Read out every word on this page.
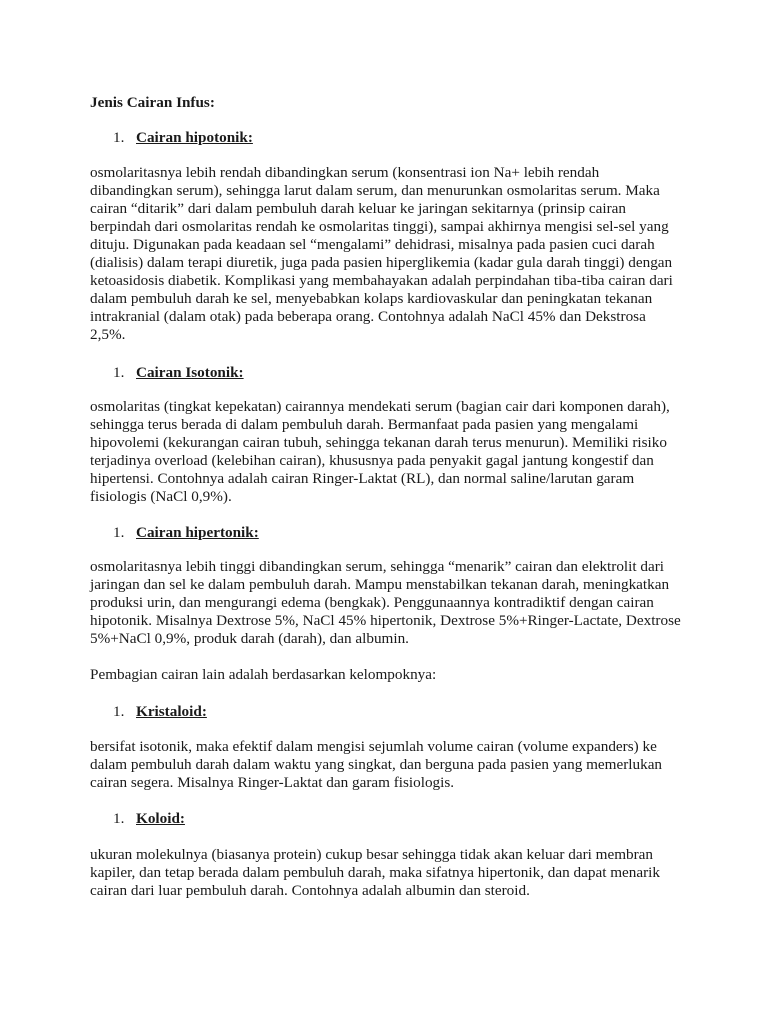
Jenis Cairan Infus:

1. Cairan hipotonik:

osmolaritasnya lebih rendah dibandingkan serum (konsentrasi ion Na+ lebih rendah
dibandingkan serum), sehingga larut dalam serum, dan menurunkan osmolaritas serum. Maka
cairan “ditarik” dari dalam pembuluh darah keluar ke jaringan sekitarnya (prinsip cairan
berpindah dari osmolaritas rendah ke osmolaritas tinggi), sampai akhirnya mengisi sel-sel yang
dituju. Digunakan pada keadaan sel “mengalami” dehidrasi, misalnya pada pasien cuci darah
(dialisis) dalam terapi diuretik, juga pada pasien hiperglikemia (kadar gula darah tinggi) dengan
ketoasidosis diabetik. Komplikasi yang membahayakan adalah perpindahan tiba-tiba cairan dari
dalam pembuluh darah ke sel, menyebabkan kolaps kardiovaskular dan peningkatan tekanan
intrakranial (dalam otak) pada beberapa orang. Contohnya adalah NaCl 45% dan Dekstrosa
2,5%.

1. Cairan Isotonik:

osmolaritas (tingkat kepekatan) cairannya mendekati serum (bagian cair dari komponen darah),
sehingga terus berada di dalam pembuluh darah. Bermanfaat pada pasien yang mengalami
hipovolemi (kekurangan cairan tubuh, sehingga tekanan darah terus menurun). Memiliki risiko
terjadinya overload (kelebihan cairan), khususnya pada penyakit gagal jantung kongestif dan
hipertensi. Contohnya adalah cairan Ringer-Laktat (RL), dan normal saline/larutan garam
fisiologis (NaCl 0,9%).

1. Cairan hipertonik:

osmolaritasnya lebih tinggi dibandingkan serum, sehingga “menarik” cairan dan elektrolit dari
jaringan dan sel ke dalam pembuluh darah. Mampu menstabilkan tekanan darah, meningkatkan
produksi urin, dan mengurangi edema (bengkak). Penggunaannya kontradiktif dengan cairan
hipotonik. Misalnya Dextrose 5%, NaCl 45% hipertonik, Dextrose 5%+Ringer-Lactate, Dextrose
5%+NaCl 0,9%, produk darah (darah), dan albumin.

Pembagian cairan lain adalah berdasarkan kelompoknya:

1. Kristaloid:

bersifat isotonik, maka efektif dalam mengisi sejumlah volume cairan (volume expanders) ke
dalam pembuluh darah dalam waktu yang singkat, dan berguna pada pasien yang memerlukan
cairan segera. Misalnya Ringer-Laktat dan garam fisiologis.

1. Koloid:

ukuran molekulnya (biasanya protein) cukup besar sehingga tidak akan keluar dari membran
kapiler, dan tetap berada dalam pembuluh darah, maka sifatnya hipertonik, dan dapat menarik
cairan dari luar pembuluh darah. Contohnya adalah albumin dan steroid.
